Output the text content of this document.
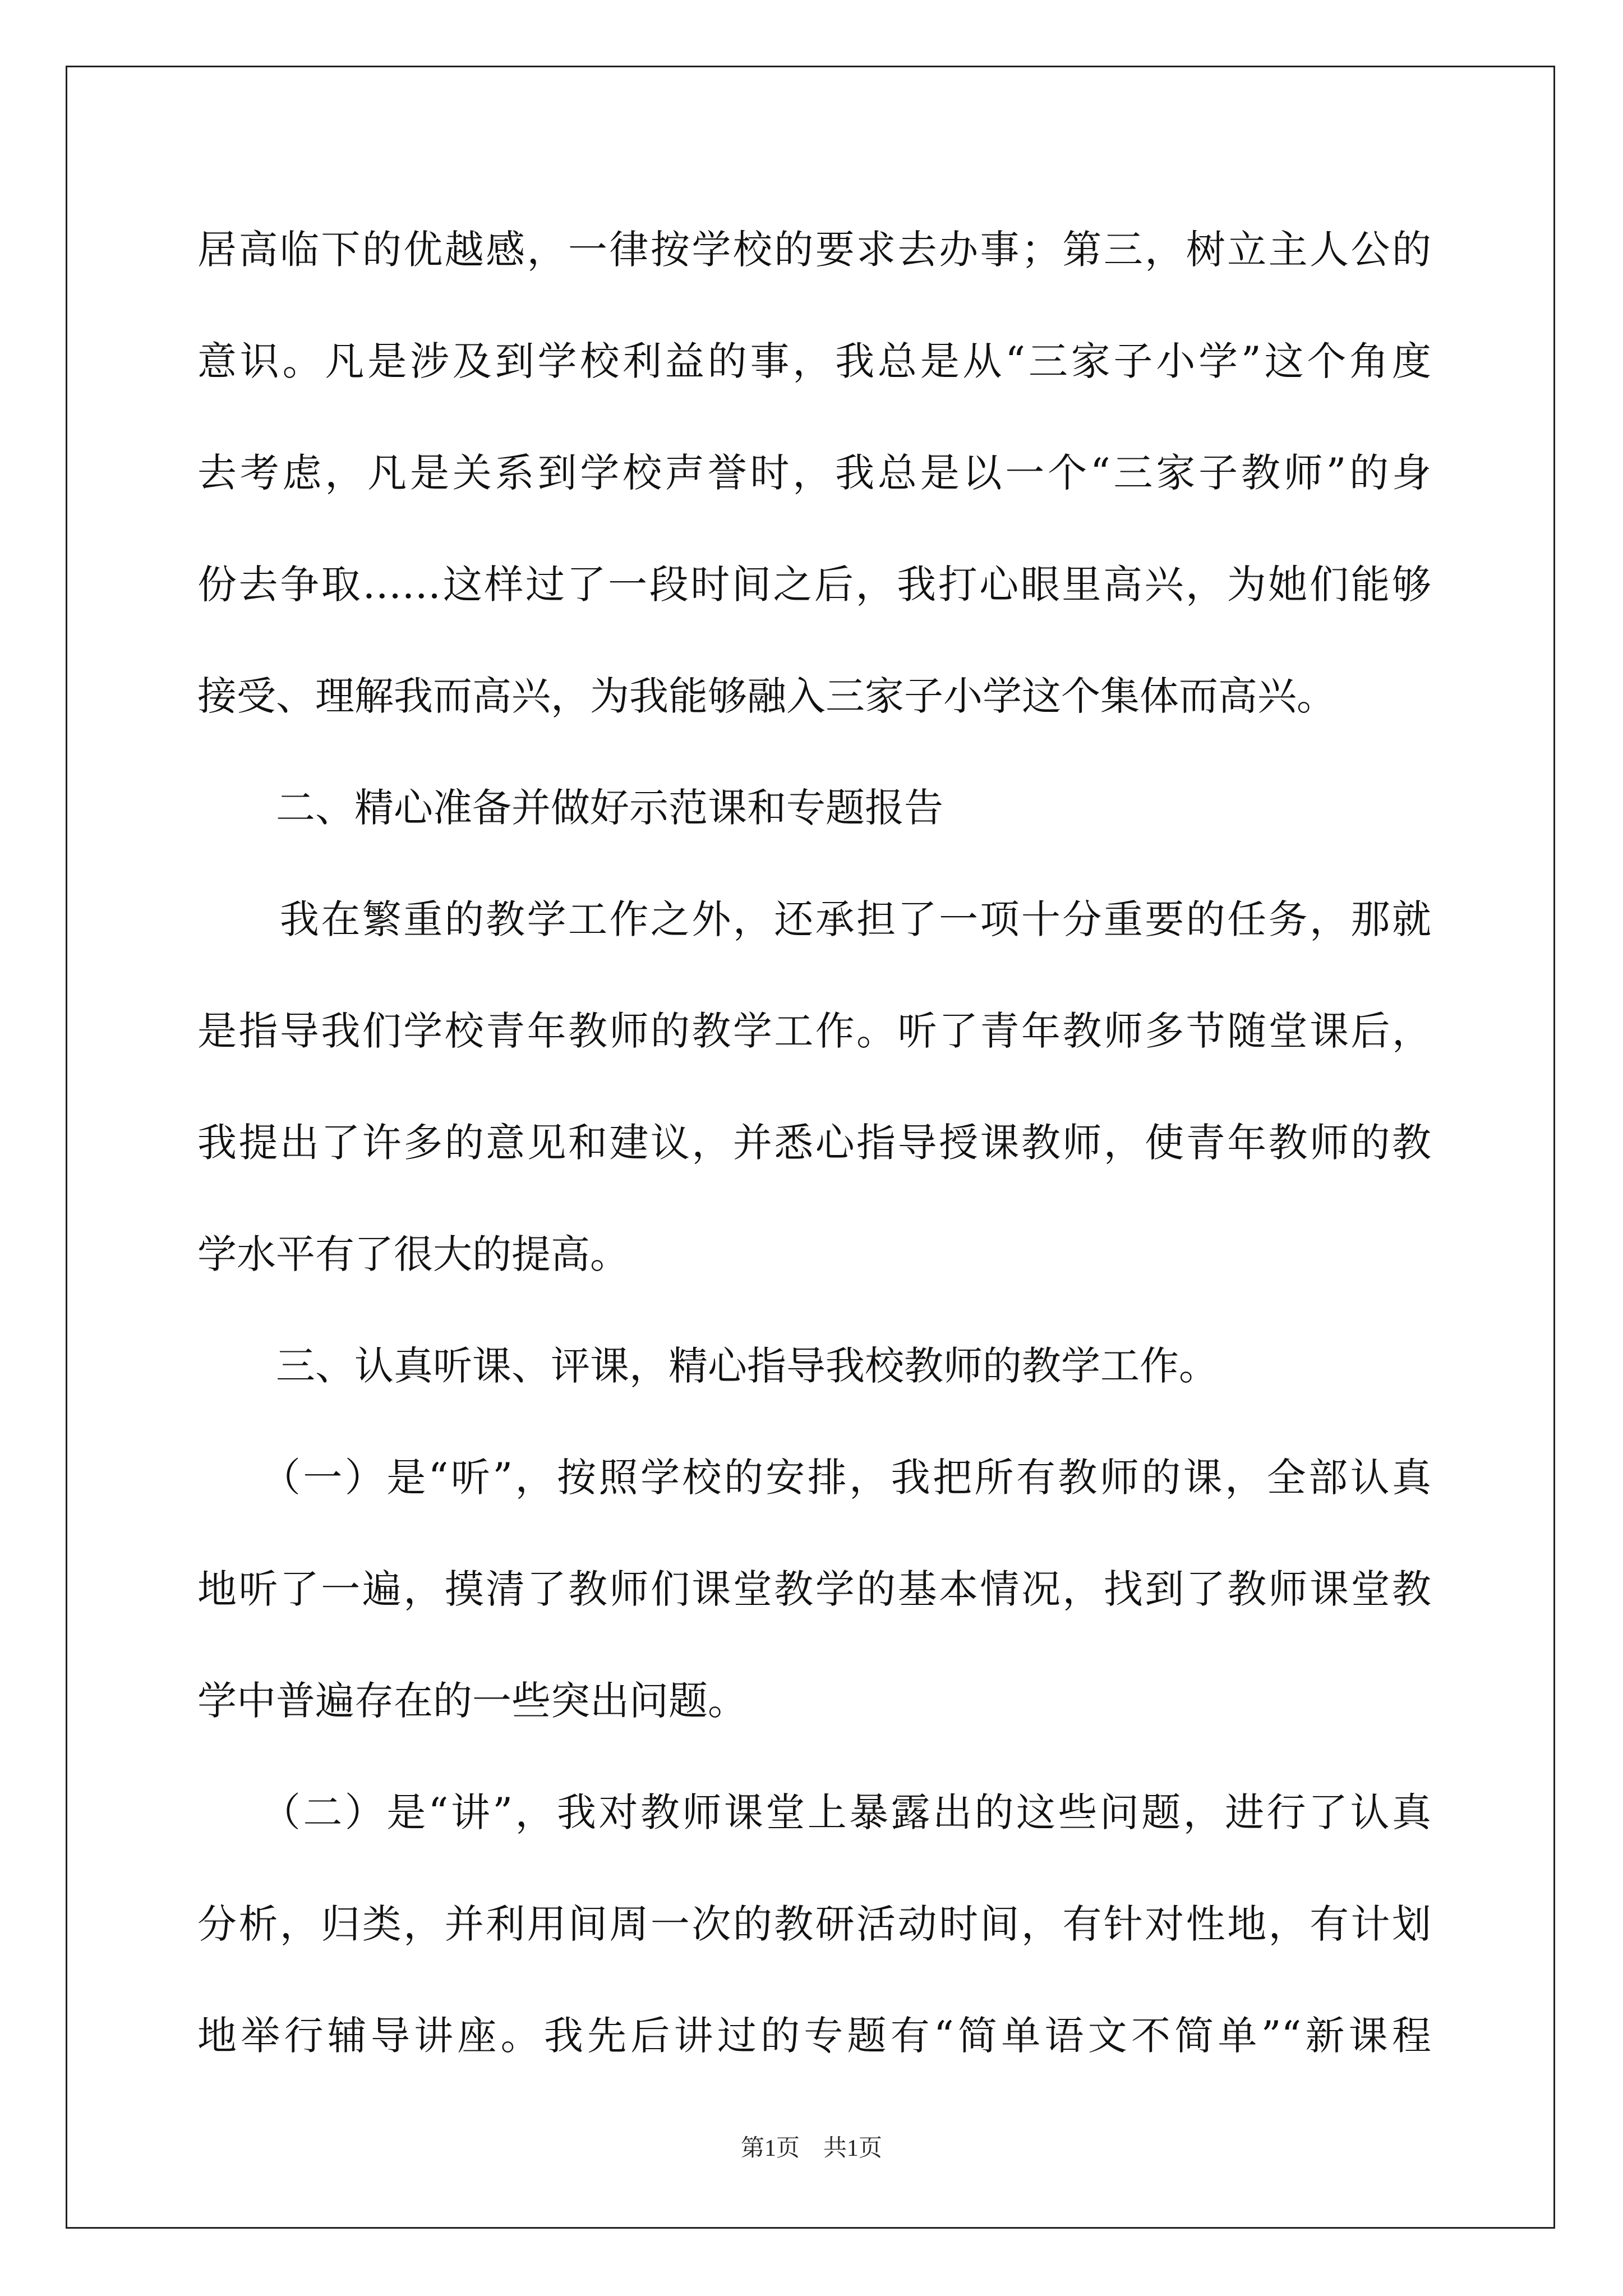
居高临下的优越感，一律按学校的要求去办事；第三，树立主人公的
意识。凡是涉及到学校利益的事，我总是从“三家子小学”这个角度
去考虑，凡是关系到学校声誉时，我总是以一个“三家子教师”的身
份去争取……这样过了一段时间之后，我打心眼里高兴，为她们能够
接受、理解我而高兴，为我能够融入三家子小学这个集体而高兴。
　　二、精心准备并做好示范课和专题报告
　　我在繁重的教学工作之外，还承担了一项十分重要的任务，那就
是指导我们学校青年教师的教学工作。听了青年教师多节随堂课后，
我提出了许多的意见和建议，并悉心指导授课教师，使青年教师的教
学水平有了很大的提高。
　　三、认真听课、评课，精心指导我校教师的教学工作。
　　（一）是“听”，按照学校的安排，我把所有教师的课，全部认真
地听了一遍，摸清了教师们课堂教学的基本情况，找到了教师课堂教
学中普遍存在的一些突出问题。
　　（二）是“讲”，我对教师课堂上暴露出的这些问题，进行了认真
分析，归类，并利用间周一次的教研活动时间，有针对性地，有计划
地举行辅导讲座。我先后讲过的专题有“简单语文不简单”“新课程
第1页　共1页
